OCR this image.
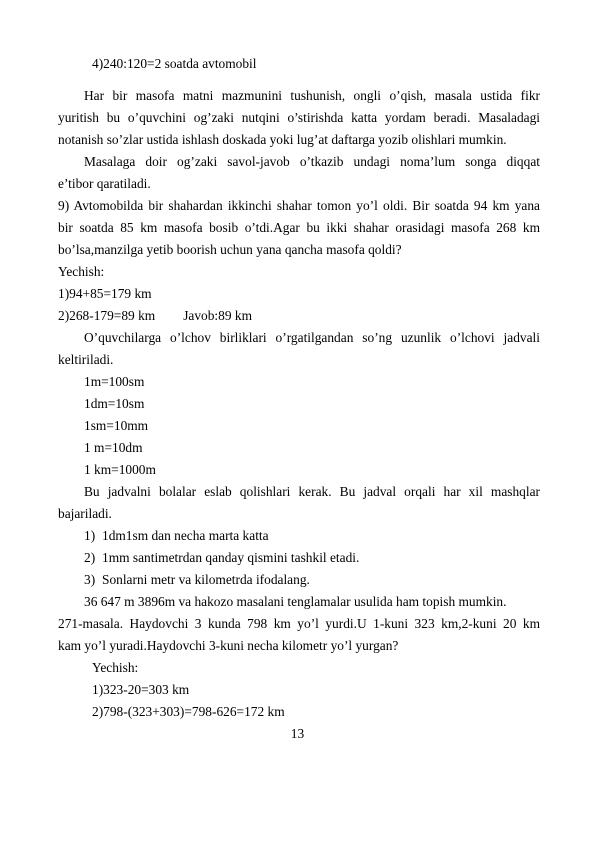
4)240:120=2 soatda avtomobil
Har bir masofa matni mazmunini tushunish, ongli o’qish, masala ustida fikr
yuritish bu o’quvchini og’zaki nutqini o’stirishda katta yordam beradi. Masaladagi
notanish so’zlar ustida ishlash doskada yoki lug’at daftarga yozib olishlari mumkin.
Masalaga doir og’zaki savol-javob o’tkazib undagi noma’lum songa diqqat
e’tibor qaratiladi.
9) Avtomobilda bir shahardan ikkinchi shahar tomon yo’l oldi. Bir soatda 94 km yana
bir soatda 85 km masofa bosib o’tdi.Agar bu ikki shahar orasidagi masofa 268 km
bo’lsa,manzilga yetib boorish uchun yana qancha masofa qoldi?
Yechish:
1)94+85=179 km
2)268-179=89 km Javob:89 km
O’quvchilarga o’lchov birliklari o’rgatilgandan so’ng uzunlik o’lchovi jadvali
keltiriladi.
1m=100sm
1dm=10sm
1sm=10mm
1 m=10dm
1 km=1000m
Bu jadvalni bolalar eslab qolishlari kerak. Bu jadval orqali har xil mashqlar
bajariladi.
1) 1dm1sm dan necha marta katta
2) 1mm santimetrdan qanday qismini tashkil etadi.
3) Sonlarni metr va kilometrda ifodalang.
36 647 m 3896m va hakozo masalani tenglamalar usulida ham topish mumkin.
271-masala. Haydovchi 3 kunda 798 km yo’l yurdi.U 1-kuni 323 km,2-kuni 20 km
kam yo’l yuradi.Haydovchi 3-kuni necha kilometr yo’l yurgan?
Yechish:
1)323-20=303 km
2)798-(323+303)=798-626=172 km
13
